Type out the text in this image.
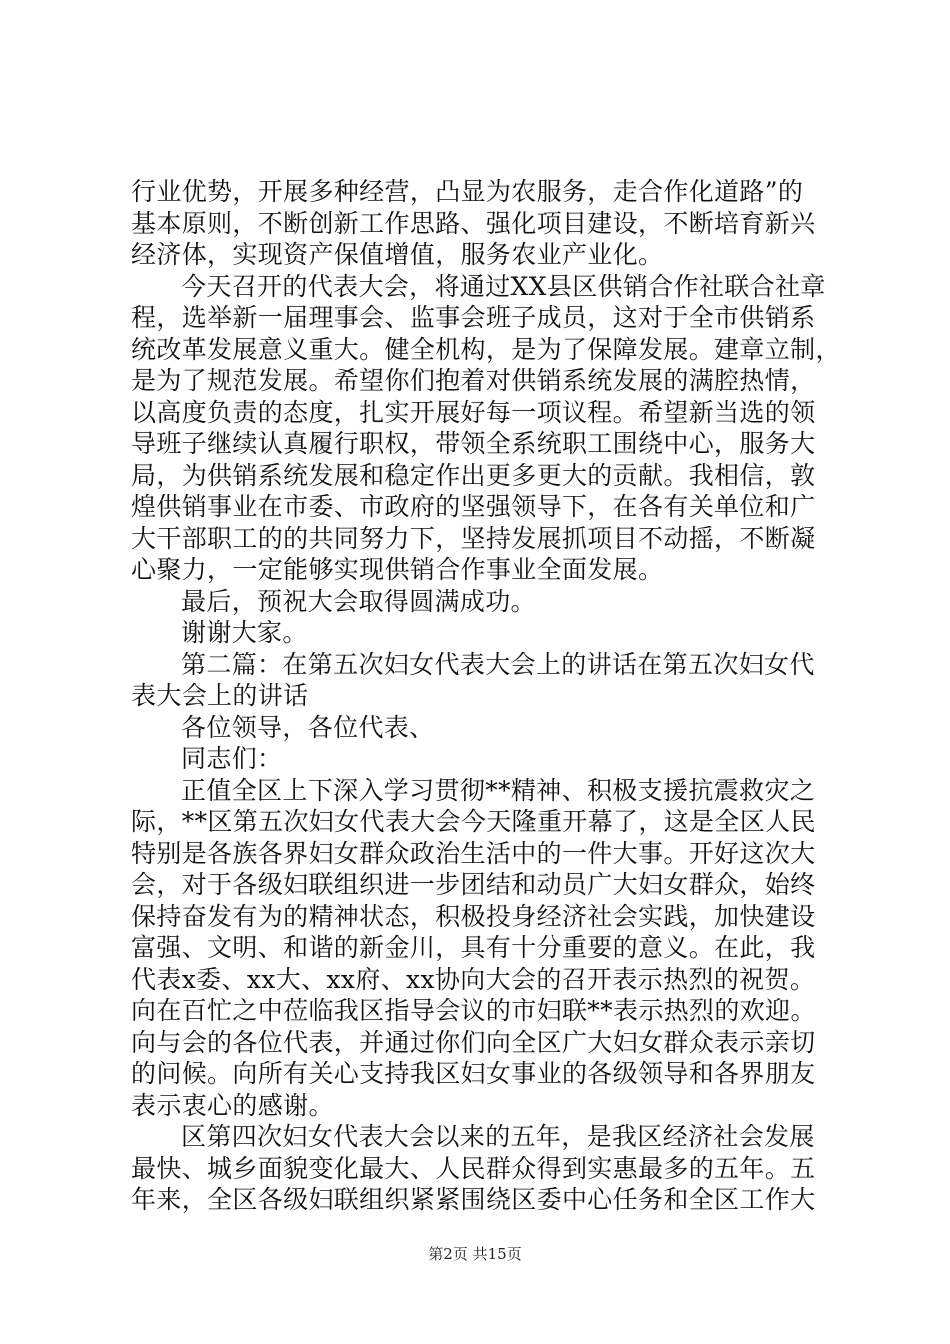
行业优势，开展多种经营，凸显为农服务，走合作化道路”的
基本原则，不断创新工作思路、强化项目建设，不断培育新兴
经济体，实现资产保值增值，服务农业产业化。
今天召开的代表大会，将通过XX县区供销合作社联合社章
程，选举新一届理事会、监事会班子成员，这对于全市供销系
统改革发展意义重大。健全机构，是为了保障发展。建章立制，
是为了规范发展。希望你们抱着对供销系统发展的满腔热情，
以高度负责的态度，扎实开展好每一项议程。希望新当选的领
导班子继续认真履行职权，带领全系统职工围绕中心，服务大
局，为供销系统发展和稳定作出更多更大的贡献。我相信，敦
煌供销事业在市委、市政府的坚强领导下，在各有关单位和广
大干部职工的的共同努力下，坚持发展抓项目不动摇，不断凝
心聚力，一定能够实现供销合作事业全面发展。
最后，预祝大会取得圆满成功。
谢谢大家。
第二篇：在第五次妇女代表大会上的讲话在第五次妇女代
表大会上的讲话
各位领导，各位代表、
同志们：
正值全区上下深入学习贯彻**精神、积极支援抗震救灾之
际，**区第五次妇女代表大会今天隆重开幕了，这是全区人民
特别是各族各界妇女群众政治生活中的一件大事。开好这次大
会，对于各级妇联组织进一步团结和动员广大妇女群众，始终
保持奋发有为的精神状态，积极投身经济社会实践，加快建设
富强、文明、和谐的新金川，具有十分重要的意义。在此，我
代表x委、xx大、xx府、xx协向大会的召开表示热烈的祝贺。
向在百忙之中莅临我区指导会议的市妇联**表示热烈的欢迎。
向与会的各位代表，并通过你们向全区广大妇女群众表示亲切
的问候。向所有关心支持我区妇女事业的各级领导和各界朋友
表示衷心的感谢。
区第四次妇女代表大会以来的五年，是我区经济社会发展
最快、城乡面貌变化最大、人民群众得到实惠最多的五年。五
年来，全区各级妇联组织紧紧围绕区委中心任务和全区工作大
第2页 共15页
